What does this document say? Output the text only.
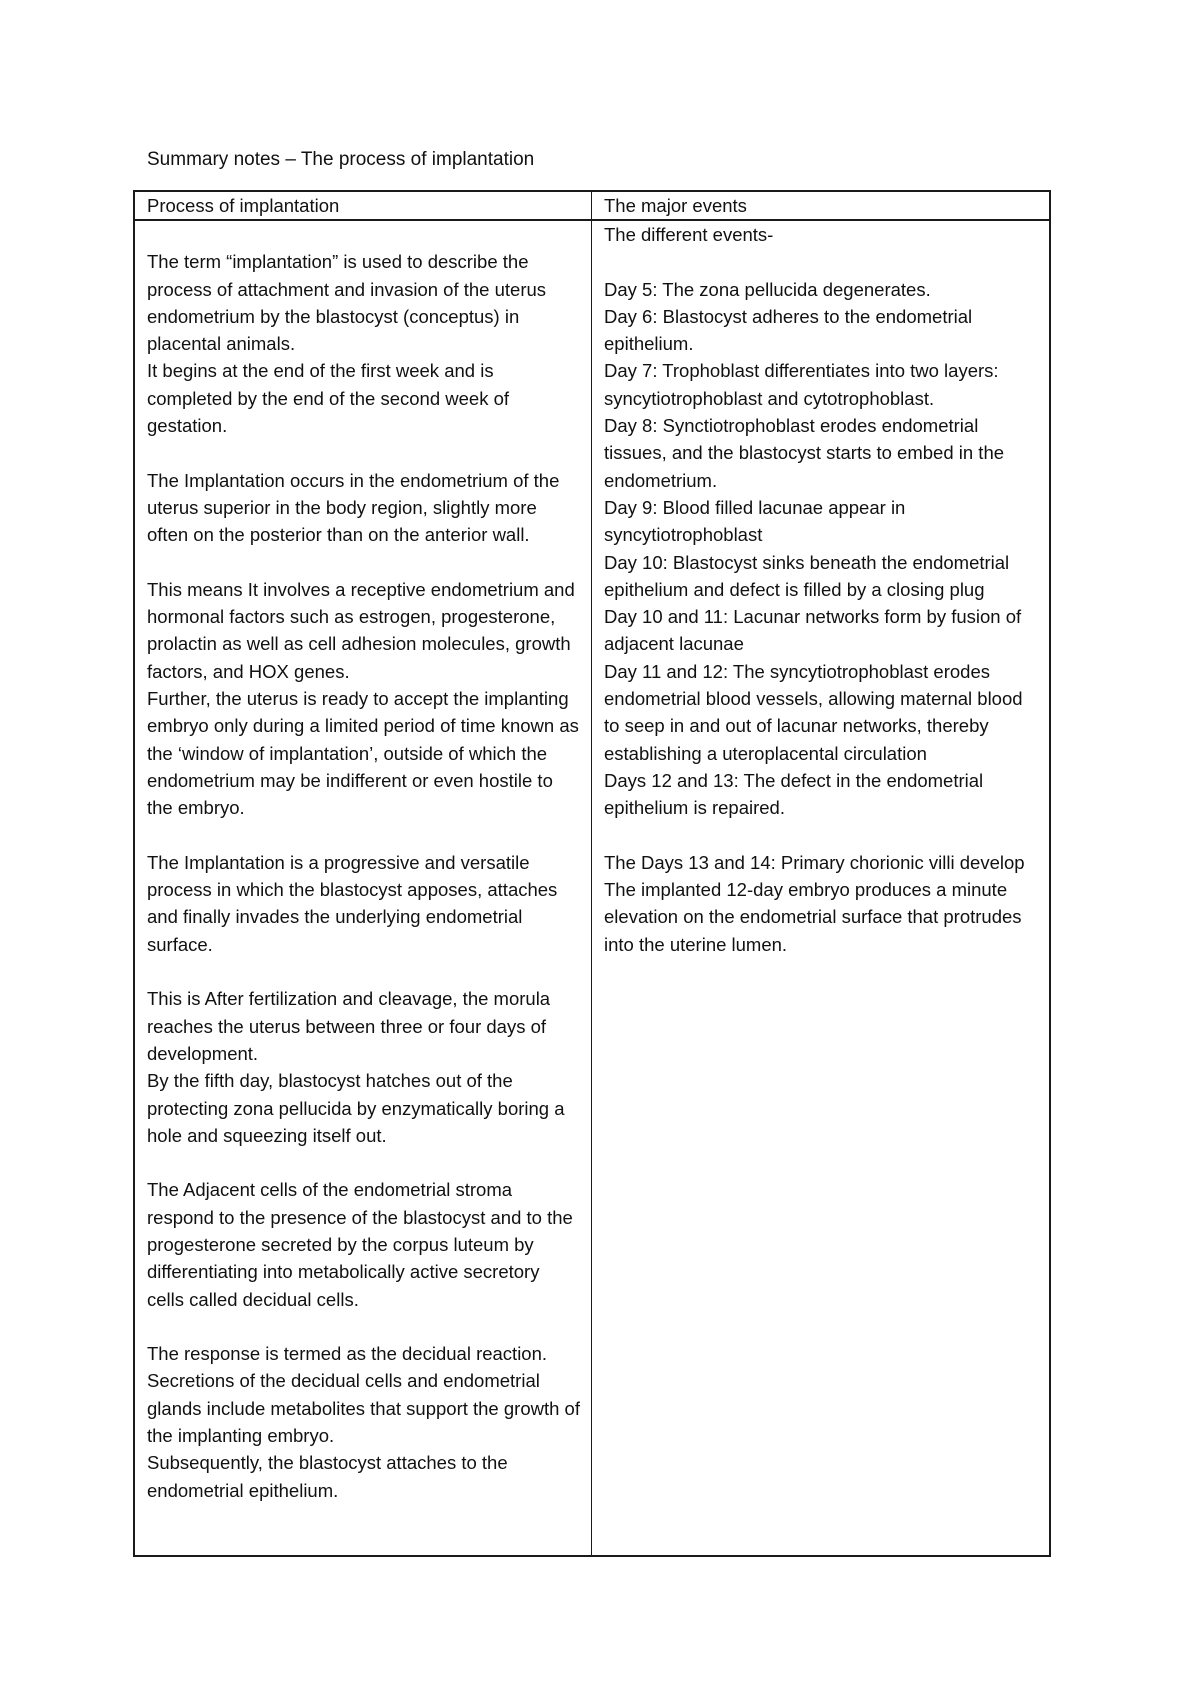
Summary notes – The process of implantation
Process of implantation	The major events

The term “implantation” is used to describe the process of attachment and invasion of the uterus endometrium by the blastocyst (conceptus) in placental animals.

It begins at the end of the first week and is completed by the end of the second week of gestation.

The Implantation occurs in the endometrium of the uterus superior in the body region, slightly more often on the posterior than on the anterior wall.

This means It involves a receptive endometrium and hormonal factors such as estrogen, progesterone, prolactin as well as cell adhesion molecules, growth factors, and HOX genes.

Further, the uterus is ready to accept the implanting embryo only during a limited period of time known as the ‘window of implantation’, outside of which the endometrium may be indifferent or even hostile to the embryo.

The Implantation is a progressive and versatile process in which the blastocyst apposes, attaches and finally invades the underlying endometrial surface.

This is After fertilization and cleavage, the morula reaches the uterus between three or four days of development.

By the fifth day, blastocyst hatches out of the protecting zona pellucida by enzymatically boring a hole and squeezing itself out.

The Adjacent cells of the endometrial stroma respond to the presence of the blastocyst and to the progesterone secreted by the corpus luteum by differentiating into metabolically active secretory cells called decidual cells.

The response is termed as the decidual reaction.

Secretions of the decidual cells and endometrial glands include metabolites that support the growth of the implanting embryo.

Subsequently, the blastocyst attaches to the endometrial epithelium.

The different events-

Day 5: The zona pellucida degenerates.

Day 6: Blastocyst adheres to the endometrial epithelium.

Day 7: Trophoblast differentiates into two layers: syncytiotrophoblast and cytotrophoblast.

Day 8: Synctiotrophoblast erodes endometrial tissues, and the blastocyst starts to embed in the endometrium.

Day 9: Blood filled lacunae appear in syncytiotrophoblast

Day 10: Blastocyst sinks beneath the endometrial epithelium and defect is filled by a closing plug

Day 10 and 11: Lacunar networks form by fusion of adjacent lacunae

Day 11 and 12: The syncytiotrophoblast erodes endometrial blood vessels, allowing maternal blood to seep in and out of lacunar networks, thereby establishing a uteroplacental circulation

Days 12 and 13: The defect in the endometrial epithelium is repaired.

The Days 13 and 14: Primary chorionic villi develop

The implanted 12-day embryo produces a minute elevation on the endometrial surface that protrudes into the uterine lumen.
